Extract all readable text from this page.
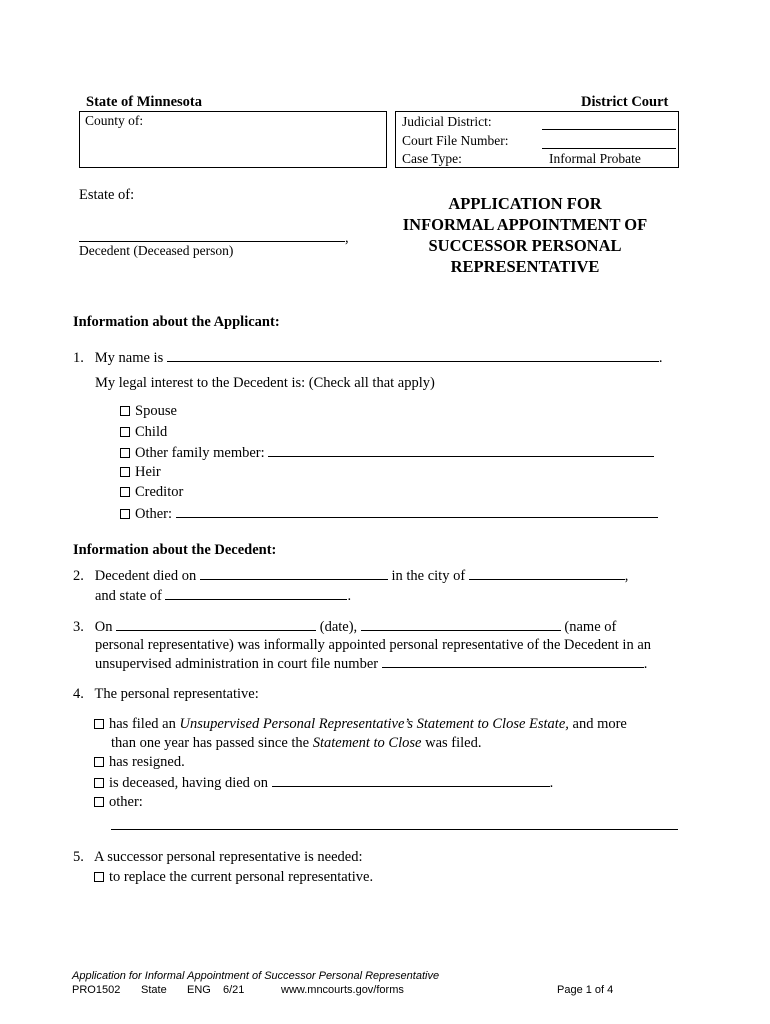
State of Minnesota	District Court
County of:	Judicial District:
Court File Number:
Case Type:	Informal Probate
Estate of:
,
Decedent (Deceased person)
APPLICATION FOR
INFORMAL APPOINTMENT OF
SUCCESSOR PERSONAL
REPRESENTATIVE
Information about the Applicant:
1. My name is	.
My legal interest to the Decedent is: (Check all that apply)
Spouse
Child
Other family member:
Heir
Creditor
Other:
Information about the Decedent:
2. Decedent died on	in the city of	,
and state of	.
3. On	(date),	(name of
personal representative) was informally appointed personal representative of the Decedent in an
unsupervised administration in court file number	.
4. The personal representative:
has filed an Unsupervised Personal Representative’s Statement to Close Estate, and more
than one year has passed since the Statement to Close was filed.
has resigned.
is deceased, having died on	.
other:
5. A successor personal representative is needed:
to replace the current personal representative.
Application for Informal Appointment of Successor Personal Representative
PRO1502 State ENG 6/21	www.mncourts.gov/forms	Page 1 of 4
